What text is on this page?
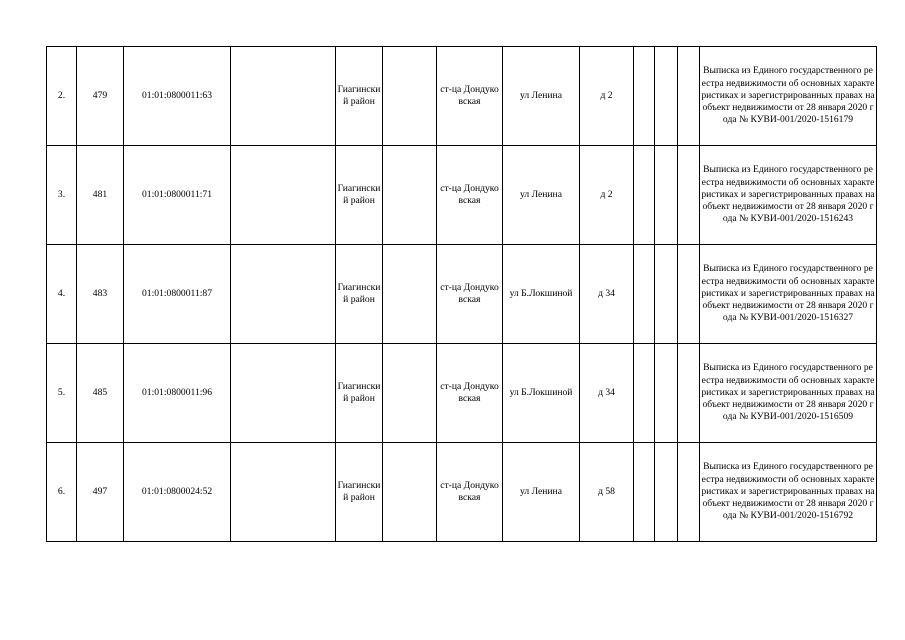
2.	479	01:01:0800011:63		Гиагинский район		ст-ца Дондуковская	ул Ленина	д 2				Выписка из Единого государственного реестра недвижимости об основных характеристиках и зарегистрированных правах на объект недвижимости от 28 января 2020 года № КУВИ-001/2020-1516179
3.	481	01:01:0800011:71		Гиагинский район		ст-ца Дондуковская	ул Ленина	д 2				Выписка из Единого государственного реестра недвижимости об основных характеристиках и зарегистрированных правах на объект недвижимости от 28 января 2020 года № КУВИ-001/2020-1516243
4.	483	01:01:0800011:87		Гиагинский район		ст-ца Дондуковская	ул Б.Локшиной	д 34				Выписка из Единого государственного реестра недвижимости об основных характеристиках и зарегистрированных правах на объект недвижимости от 28 января 2020 года № КУВИ-001/2020-1516327
5.	485	01:01:0800011:96		Гиагинский район		ст-ца Дондуковская	ул Б.Локшиной	д 34				Выписка из Единого государственного реестра недвижимости об основных характеристиках и зарегистрированных правах на объект недвижимости от 28 января 2020 года № КУВИ-001/2020-1516509
6.	497	01:01:0800024:52		Гиагинский район		ст-ца Дондуковская	ул Ленина	д 58				Выписка из Единого государственного реестра недвижимости об основных характеристиках и зарегистрированных правах на объект недвижимости от 28 января 2020 года № КУВИ-001/2020-1516792
